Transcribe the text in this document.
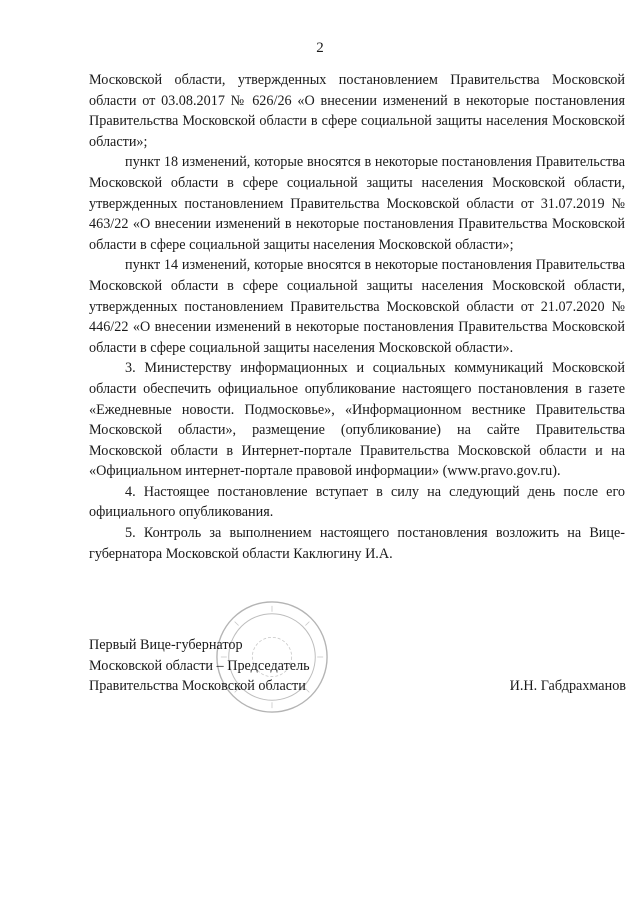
2

Московской области, утвержденных постановлением Правительства Московской области от 03.08.2017 № 626/26 «О внесении изменений в некоторые постановления Правительства Московской области в сфере социальной защиты населения Московской области»;

пункт 18 изменений, которые вносятся в некоторые постановления Правительства Московской области в сфере социальной защиты населения Московской области, утвержденных постановлением Правительства Московской области от 31.07.2019 № 463/22 «О внесении изменений в некоторые постановления Правительства Московской области в сфере социальной защиты населения Московской области»;

пункт 14 изменений, которые вносятся в некоторые постановления Правительства Московской области в сфере социальной защиты населения Московской области, утвержденных постановлением Правительства Московской области от 21.07.2020 № 446/22 «О внесении изменений в некоторые постановления Правительства Московской области в сфере социальной защиты населения Московской области».

3. Министерству информационных и социальных коммуникаций Московской области обеспечить официальное опубликование настоящего постановления в газете «Ежедневные новости. Подмосковье», «Информационном вестнике Правительства Московской области», размещение (опубликование) на сайте Правительства Московской области в Интернет-портале Правительства Московской области и на «Официальном интернет-портале правовой информации» (www.pravo.gov.ru).

4. Настоящее постановление вступает в силу на следующий день после его официального опубликования.

5. Контроль за выполнением настоящего постановления возложить на Вице-губернатора Московской области Каклюгину И.А.

Первый Вице-губернатор
Московской области – Председатель
Правительства Московской области	И.Н. Габдрахманов
